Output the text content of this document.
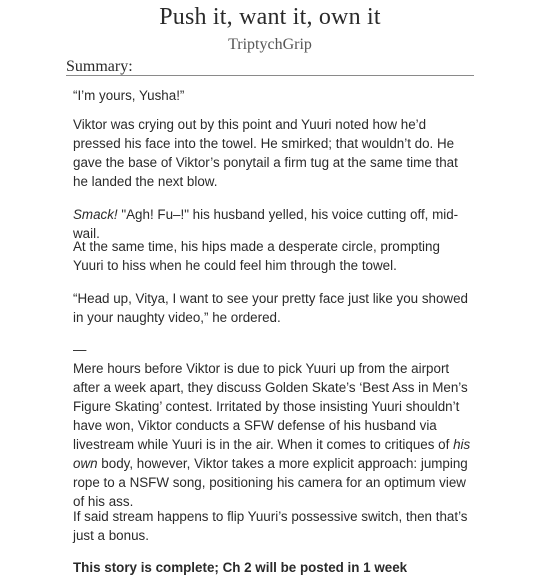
Push it, want it, own it
TriptychGrip
Summary:
“I’m yours, Yusha!”
Viktor was crying out by this point and Yuuri noted how he’d pressed his face into the towel. He smirked; that wouldn’t do. He gave the base of Viktor’s ponytail a firm tug at the same time that he landed the next blow.
Smack! "Agh! Fu–!" his husband yelled, his voice cutting off, mid-wail.
At the same time, his hips made a desperate circle, prompting Yuuri to hiss when he could feel him through the towel.
“Head up, Vitya, I want to see your pretty face just like you showed in your naughty video,” he ordered.
—
Mere hours before Viktor is due to pick Yuuri up from the airport after a week apart, they discuss Golden Skate’s ‘Best Ass in Men’s Figure Skating’ contest. Irritated by those insisting Yuuri shouldn’t have won, Viktor conducts a SFW defense of his husband via livestream while Yuuri is in the air. When it comes to critiques of his own body, however, Viktor takes a more explicit approach: jumping rope to a NSFW song, positioning his camera for an optimum view of his ass.
If said stream happens to flip Yuuri’s possessive switch, then that’s just a bonus.
This story is complete; Ch 2 will be posted in 1 week
